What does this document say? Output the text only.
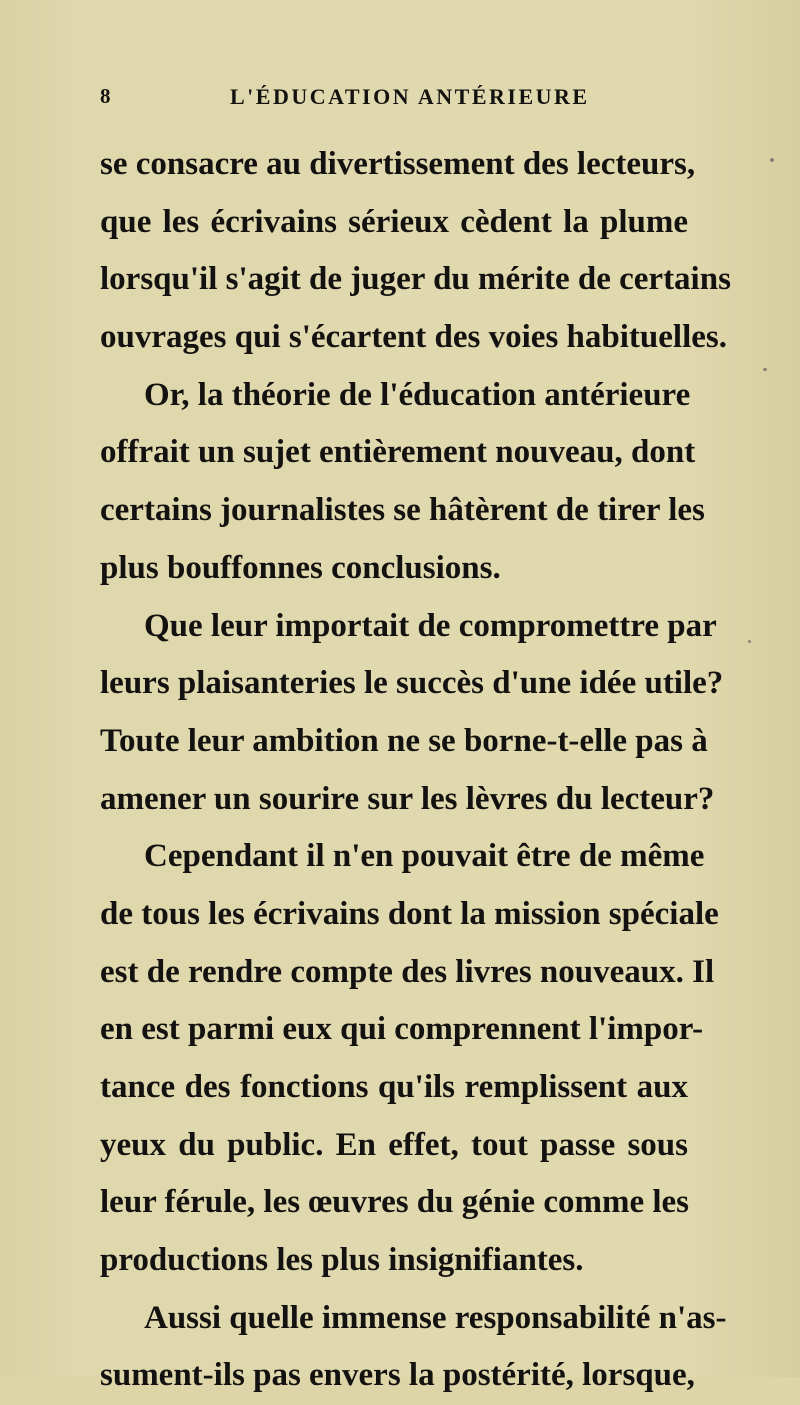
8	L'ÉDUCATION ANTÉRIEURE
se consacre au divertissement des lecteurs,
que les écrivains sérieux cèdent la plume
lorsqu'il s'agit de juger du mérite de certains
ouvrages qui s'écartent des voies habituelles.
Or, la théorie de l'éducation antérieure
offrait un sujet entièrement nouveau, dont
certains journalistes se hâtèrent de tirer les
plus bouffonnes conclusions.
Que leur importait de compromettre par
leurs plaisanteries le succès d'une idée utile?
Toute leur ambition ne se borne-t-elle pas à
amener un sourire sur les lèvres du lecteur?
Cependant il n'en pouvait être de même
de tous les écrivains dont la mission spéciale
est de rendre compte des livres nouveaux. Il
en est parmi eux qui comprennent l'impor-
tance des fonctions qu'ils remplissent aux
yeux du public. En effet, tout passe sous
leur férule, les œuvres du génie comme les
productions les plus insignifiantes.
Aussi quelle immense responsabilité n'as-
sument-ils pas envers la postérité, lorsque,
